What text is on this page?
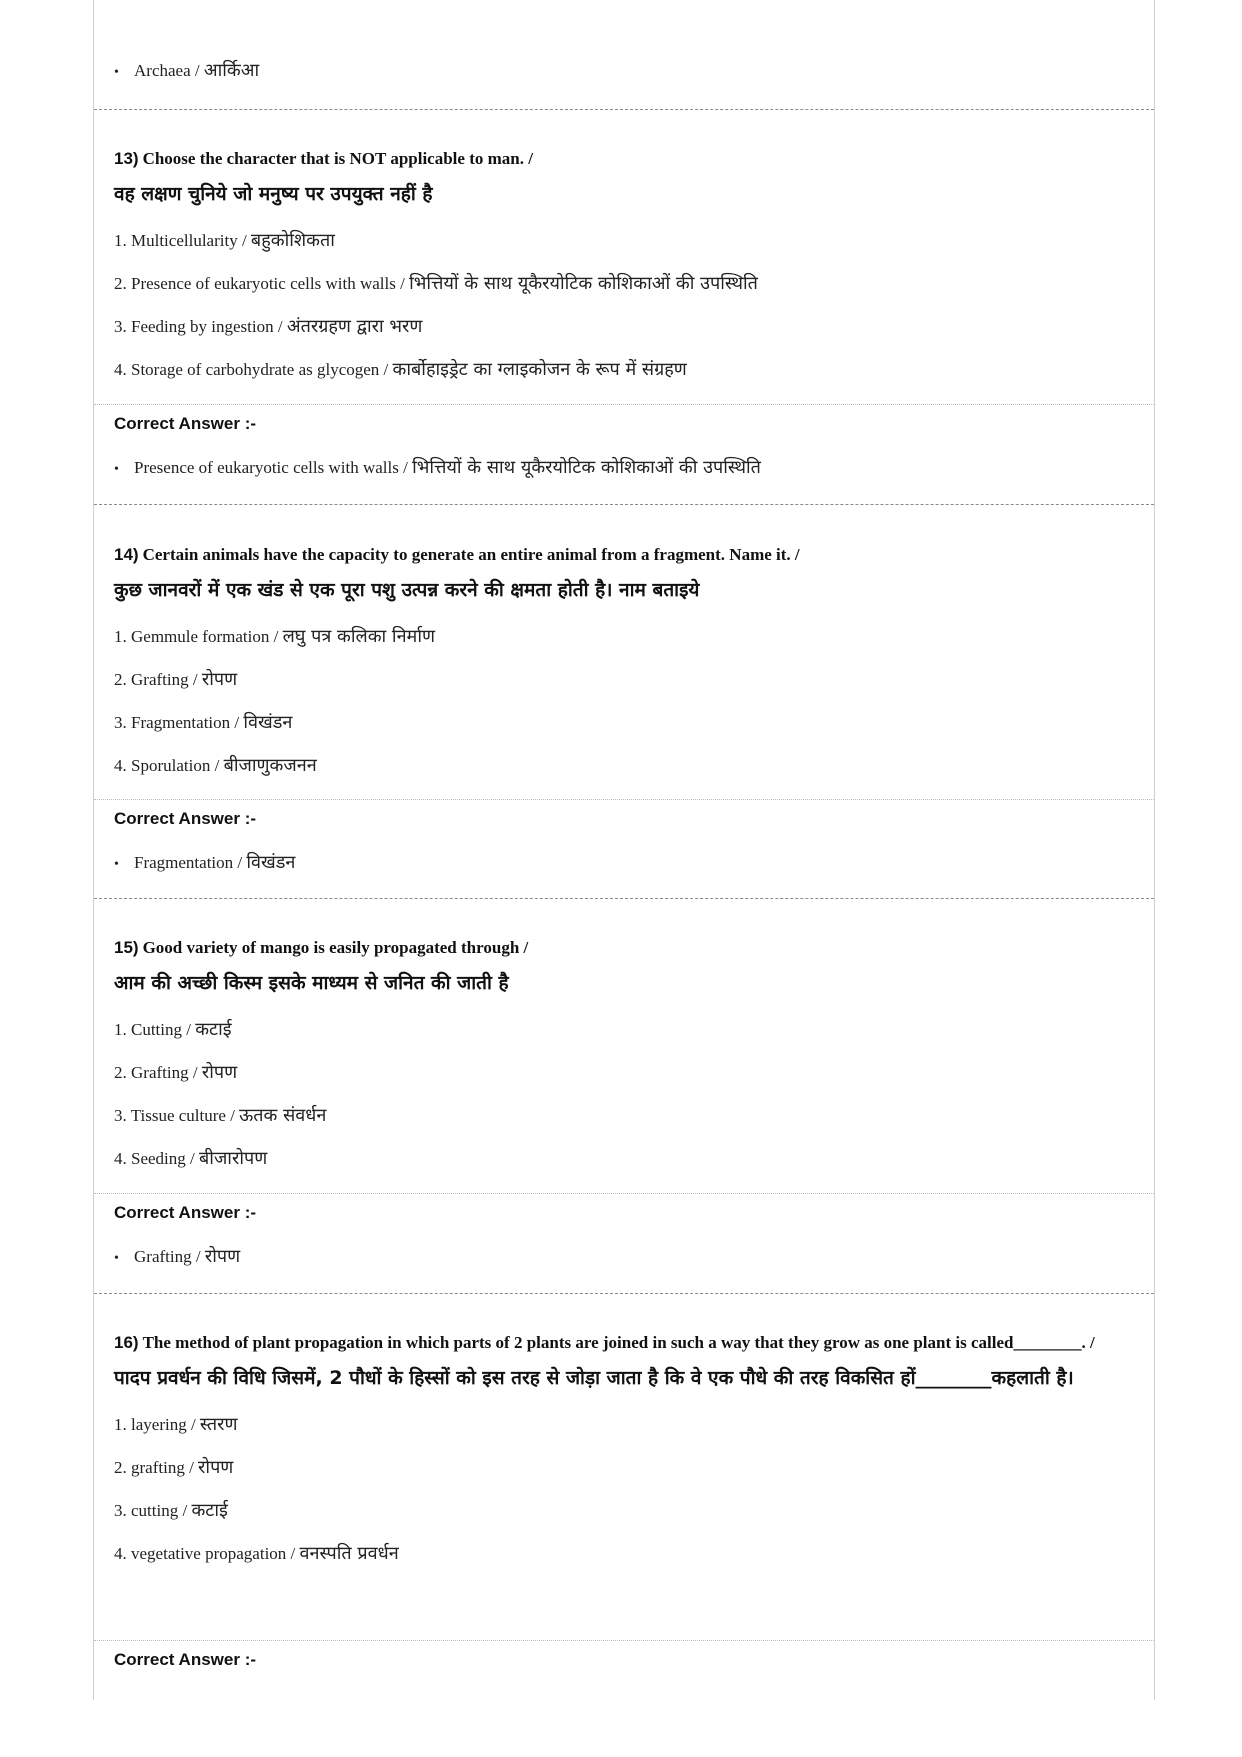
• Archaea / आर्किआ

13) Choose the character that is NOT applicable to man. /

वह लक्षण चुनिये जो मनुष्य पर उपयुक्त नहीं है

1. Multicellularity / बहुकोशिकता
2. Presence of eukaryotic cells with walls / भित्तियों के साथ यूकैरयोटिक कोशिकाओं की उपस्थिति
3. Feeding by ingestion / अंतरग्रहण द्वारा भरण
4. Storage of carbohydrate as glycogen / कार्बोहाइड्रेट का ग्लाइकोजन के रूप में संग्रहण
Correct Answer :-
• Presence of eukaryotic cells with walls / भित्तियों के साथ यूकैरयोटिक कोशिकाओं की उपस्थिति

14) Certain animals have the capacity to generate an entire animal from a fragment. Name it. /

कुछ जानवरों में एक खंड से एक पूरा पशु उत्पन्न करने की क्षमता होती है। नाम बताइये

1. Gemmule formation / लघु पत्र कलिका निर्माण
2. Grafting / रोपण
3. Fragmentation / विखंडन
4. Sporulation / बीजाणुकजनन
Correct Answer :-
• Fragmentation / विखंडन

15) Good variety of mango is easily propagated through /

आम की अच्छी किस्म इसके माध्यम से जनित की जाती है

1. Cutting / कटाई
2. Grafting / रोपण
3. Tissue culture / ऊतक संवर्धन
4. Seeding / बीजारोपण
Correct Answer :-
• Grafting / रोपण

16) The method of plant propagation in which parts of 2 plants are joined in such a way that they grow as one plant is called________. /

पादप प्रवर्धन की विधि जिसमें, 2 पौधों के हिस्सों को इस तरह से जोड़ा जाता है कि वे एक पौधे की तरह विकसित हों________कहलाती है।

1. layering / स्तरण
2. grafting / रोपण
3. cutting / कटाई
4. vegetative propagation / वनस्पति प्रवर्धन
Correct Answer :-
